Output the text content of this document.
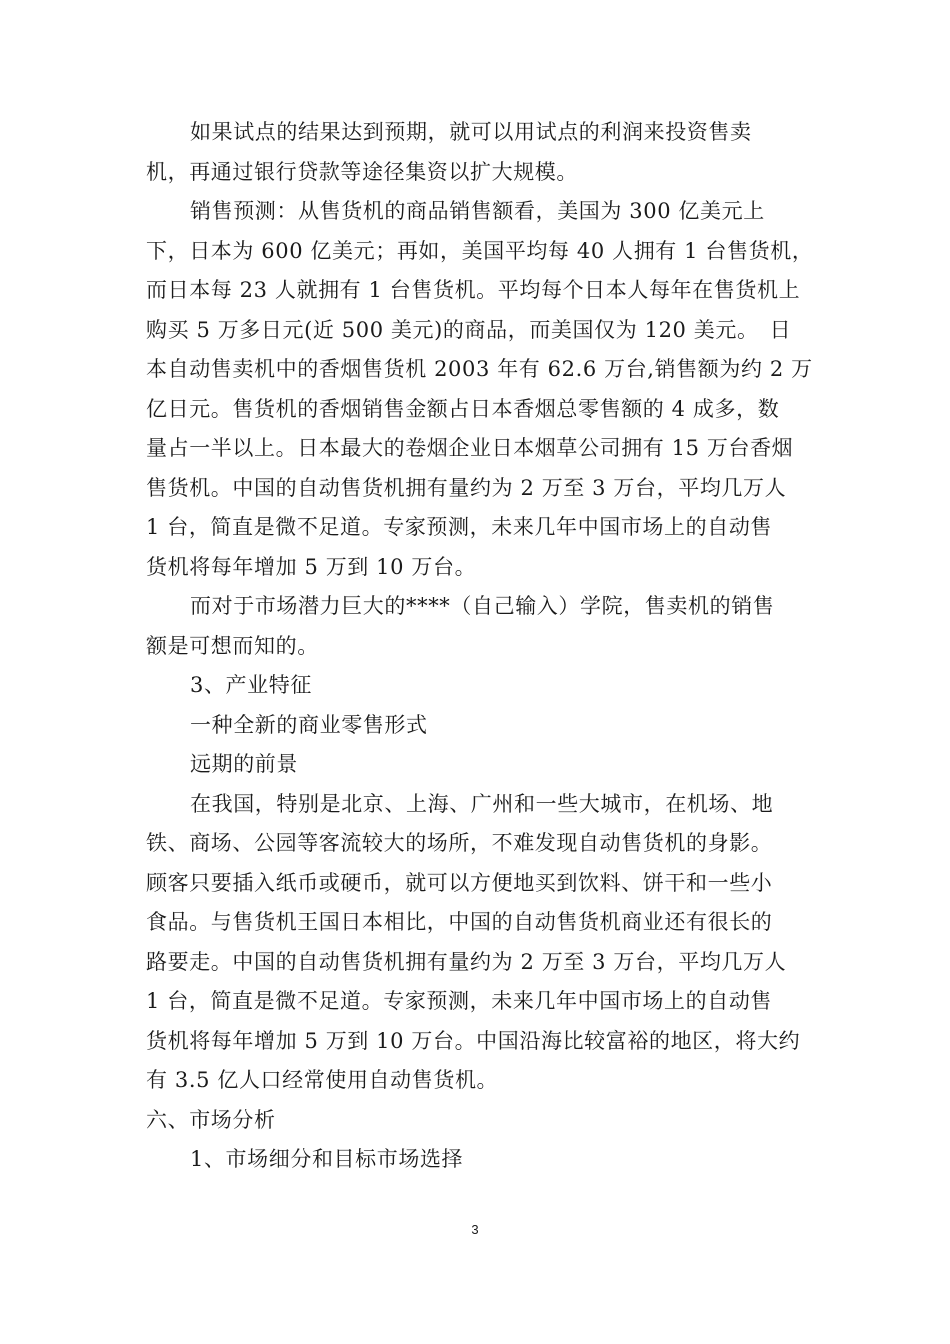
如果试点的结果达到预期，就可以用试点的利润来投资售卖
机，再通过银行贷款等途径集资以扩大规模。
销售预测：从售货机的商品销售额看，美国为 300 亿美元上
下，日本为 600 亿美元；再如，美国平均每 40 人拥有 1 台售货机，
而日本每 23 人就拥有 1 台售货机。平均每个日本人每年在售货机上
购买 5 万多日元(近 500 美元)的商品，而美国仅为 120 美元。　日
本自动售卖机中的香烟售货机 2003 年有 62.6 万台,销售额为约 2 万
亿日元。售货机的香烟销售金额占日本香烟总零售额的 4 成多，数
量占一半以上。日本最大的卷烟企业日本烟草公司拥有 15 万台香烟
售货机。中国的自动售货机拥有量约为 2 万至 3 万台，平均几万人
1 台，简直是微不足道。专家预测，未来几年中国市场上的自动售
货机将每年增加 5 万到 10 万台。
而对于市场潜力巨大的****（自己输入）学院，售卖机的销售
额是可想而知的。
3、产业特征
一种全新的商业零售形式
远期的前景
在我国，特别是北京、上海、广州和一些大城市，在机场、地
铁、商场、公园等客流较大的场所，不难发现自动售货机的身影。
顾客只要插入纸币或硬币，就可以方便地买到饮料、饼干和一些小
食品。与售货机王国日本相比，中国的自动售货机商业还有很长的
路要走。中国的自动售货机拥有量约为 2 万至 3 万台，平均几万人
1 台，简直是微不足道。专家预测，未来几年中国市场上的自动售
货机将每年增加 5 万到 10 万台。中国沿海比较富裕的地区，将大约
有 3.5 亿人口经常使用自动售货机。
六、市场分析
1、市场细分和目标市场选择
3
